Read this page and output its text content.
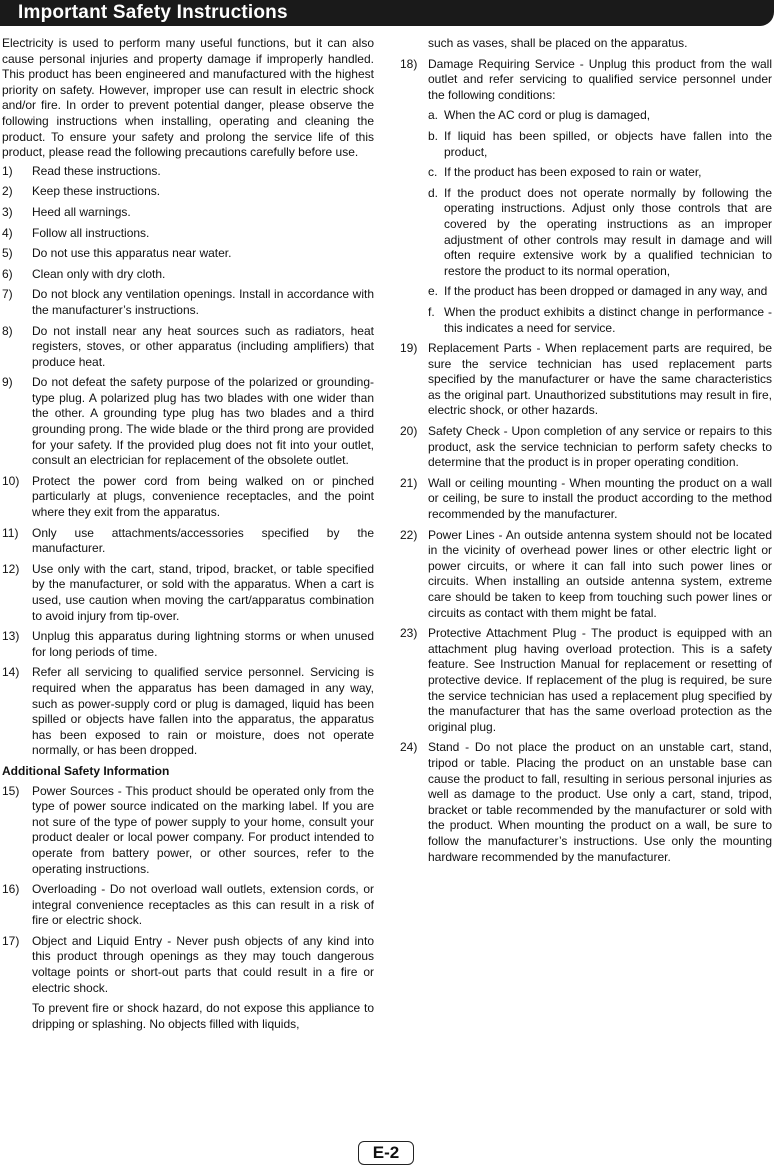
Important Safety Instructions

Electricity is used to perform many useful functions, but it can also cause personal injuries and property damage if improperly handled. This product has been engineered and manufactured with the highest priority on safety. However, improper use can result in electric shock and/or fire. In order to prevent potential danger, please observe the following instructions when installing, operating and cleaning the product. To ensure your safety and prolong the service life of this product, please read the following precautions carefully before use.

1) Read these instructions.
2) Keep these instructions.
3) Heed all warnings.
4) Follow all instructions.
5) Do not use this apparatus near water.
6) Clean only with dry cloth.
7) Do not block any ventilation openings. Install in accordance with the manufacturer’s instructions.
8) Do not install near any heat sources such as radiators, heat registers, stoves, or other apparatus (including amplifiers) that produce heat.
9) Do not defeat the safety purpose of the polarized or grounding-type plug. A polarized plug has two blades with one wider than the other. A grounding type plug has two blades and a third grounding prong. The wide blade or the third prong are provided for your safety. If the provided plug does not fit into your outlet, consult an electrician for replacement of the obsolete outlet.
10) Protect the power cord from being walked on or pinched particularly at plugs, convenience receptacles, and the point where they exit from the apparatus.
11) Only use attachments/accessories specified by the manufacturer.
12) Use only with the cart, stand, tripod, bracket, or table specified by the manufacturer, or sold with the apparatus. When a cart is used, use caution when moving the cart/apparatus combination to avoid injury from tip-over.
13) Unplug this apparatus during lightning storms or when unused for long periods of time.
14) Refer all servicing to qualified service personnel. Servicing is required when the apparatus has been damaged in any way, such as power-supply cord or plug is damaged, liquid has been spilled or objects have fallen into the apparatus, the apparatus has been exposed to rain or moisture, does not operate normally, or has been dropped.
Additional Safety Information
15) Power Sources - This product should be operated only from the type of power source indicated on the marking label. If you are not sure of the type of power supply to your home, consult your product dealer or local power company. For product intended to operate from battery power, or other sources, refer to the operating instructions.
16) Overloading - Do not overload wall outlets, extension cords, or integral convenience receptacles as this can result in a risk of fire or electric shock.
17) Object and Liquid Entry - Never push objects of any kind into this product through openings as they may touch dangerous voltage points or short-out parts that could result in a fire or electric shock.
To prevent fire or shock hazard, do not expose this appliance to dripping or splashing. No objects filled with liquids,
such as vases, shall be placed on the apparatus.
18) Damage Requiring Service - Unplug this product from the wall outlet and refer servicing to qualified service personnel under the following conditions:
a. When the AC cord or plug is damaged,
b. If liquid has been spilled, or objects have fallen into the product,
c. If the product has been exposed to rain or water,
d. If the product does not operate normally by following the operating instructions. Adjust only those controls that are covered by the operating instructions as an improper adjustment of other controls may result in damage and will often require extensive work by a qualified technician to restore the product to its normal operation,
e. If the product has been dropped or damaged in any way, and
f. When the product exhibits a distinct change in performance - this indicates a need for service.
19) Replacement Parts - When replacement parts are required, be sure the service technician has used replacement parts specified by the manufacturer or have the same characteristics as the original part. Unauthorized substitutions may result in fire, electric shock, or other hazards.
20) Safety Check - Upon completion of any service or repairs to this product, ask the service technician to perform safety checks to determine that the product is in proper operating condition.
21) Wall or ceiling mounting - When mounting the product on a wall or ceiling, be sure to install the product according to the method recommended by the manufacturer.
22) Power Lines - An outside antenna system should not be located in the vicinity of overhead power lines or other electric light or power circuits, or where it can fall into such power lines or circuits. When installing an outside antenna system, extreme care should be taken to keep from touching such power lines or circuits as contact with them might be fatal.
23) Protective Attachment Plug - The product is equipped with an attachment plug having overload protection. This is a safety feature. See Instruction Manual for replacement or resetting of protective device. If replacement of the plug is required, be sure the service technician has used a replacement plug specified by the manufacturer that has the same overload protection as the original plug.
24) Stand - Do not place the product on an unstable cart, stand, tripod or table. Placing the product on an unstable base can cause the product to fall, resulting in serious personal injuries as well as damage to the product. Use only a cart, stand, tripod, bracket or table recommended by the manufacturer or sold with the product. When mounting the product on a wall, be sure to follow the manufacturer’s instructions. Use only the mounting hardware recommended by the manufacturer.
E-2
